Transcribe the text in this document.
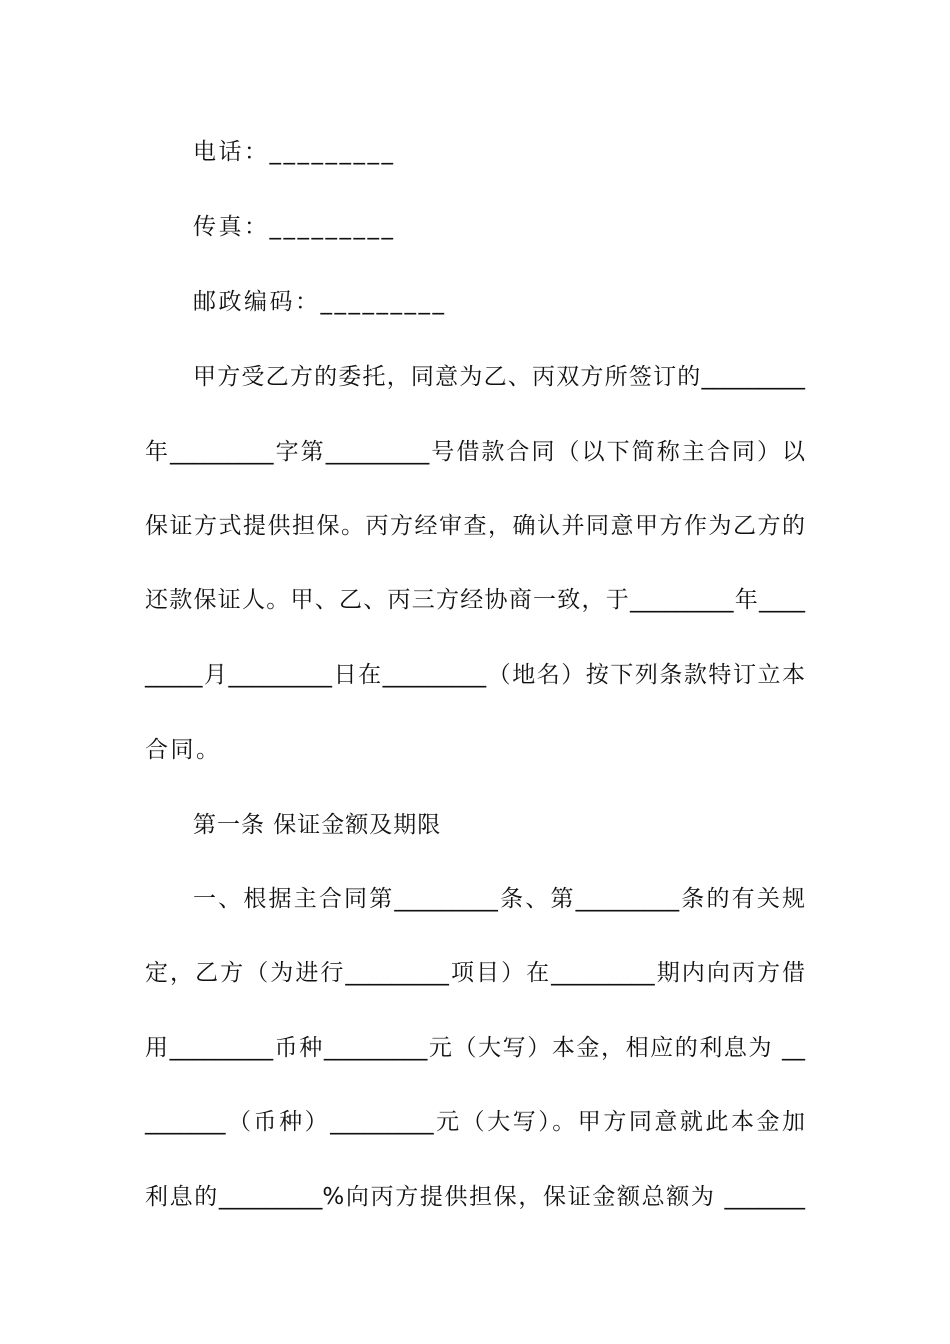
电话：_________
传真：_________
邮政编码：_________
甲方受乙方的委托，同意为乙、丙双方所签订的_________
年_________字第_________号借款合同（以下简称主合同）以
保证方式提供担保。丙方经审查，确认并同意甲方作为乙方的
还款保证人。甲、乙、丙三方经协商一致，于_________年____
_____月_________日在_________（地名）按下列条款特订立本
合同。
第一条 保证金额及期限
一、根据主合同第_________条、第_________条的有关规
定，乙方（为进行_________项目）在_________期内向丙方借
用_________币种_________元（大写）本金，相应的利息为 __
_______（币种）_________元（大写）。甲方同意就此本金加
利息的_________%向丙方提供担保，保证金额总额为 _______
